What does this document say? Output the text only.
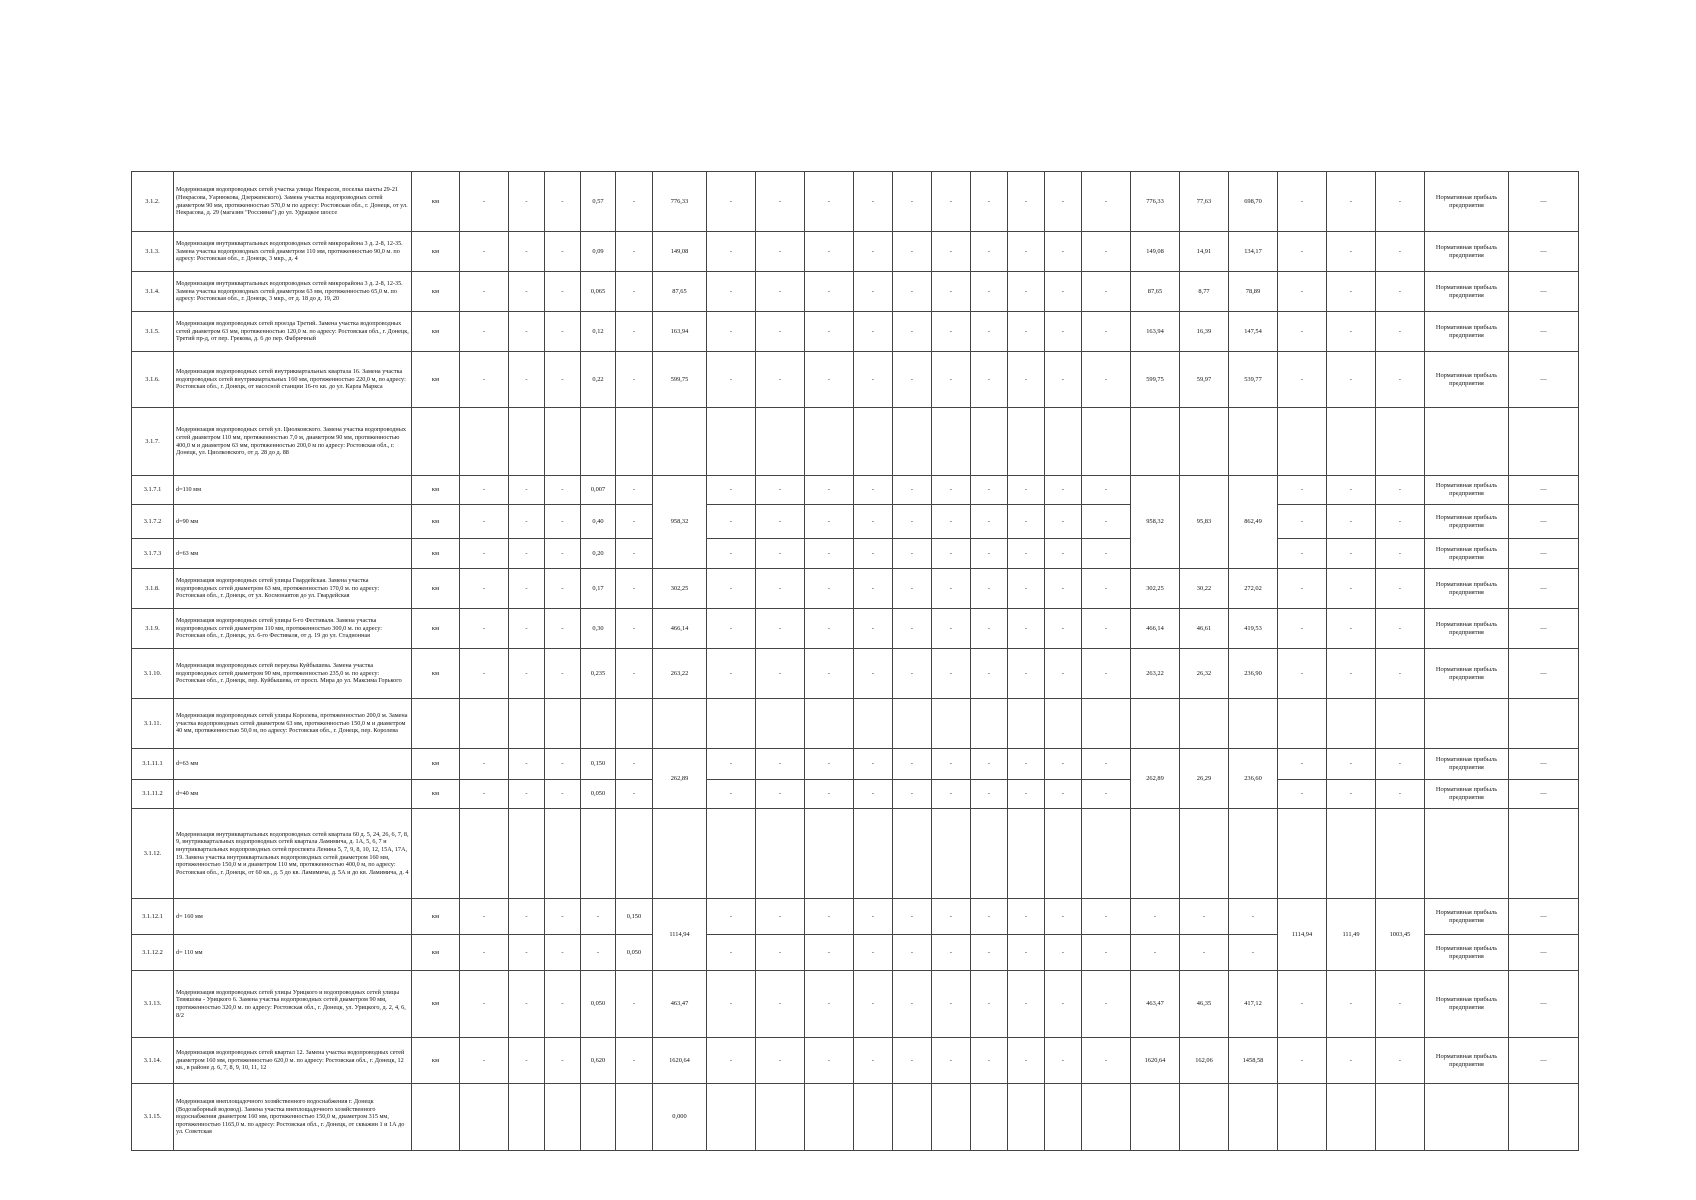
3.1.2.	Модернизация водопроводных сетей участка улицы Некрасов, поселка шахты 29-21 (Некрасова, Уарнюкова, Дзержинского). Замена участка водопроводных сетей диаметром 90 мм, протяженностью 570,0 м по адресу: Ростовская обл., г. Донецк, от ул. Некрасова, д. 29 (магазин "Россияна") до ул. Удрацкое шоссе	км	-	-	-	0,57	-	776,33	-	-	-	-	-	-	-	-	-	-	776,33	77,63	698,70	-	-	-	Нормативная прибыль предприятия	—
3.1.3.	Модернизация внутриквартальных водопроводных сетей микрорайона 3 д. 2-8, 12-35. Замена участка водопроводных сетей диаметром 110 мм, протяженностью 90,0 м. по адресу: Ростовская обл., г. Донецк, 3 мкр., д. 4	км	-	-	-	0,09	-	149,08	-	-	-	-	-	-	-	-	-	-	149,08	14,91	134,17	-	-	-	Нормативная прибыль предприятия	—
3.1.4.	Модернизация внутриквартальных водопроводных сетей микрорайона 3 д. 2-8, 12-35. Замена участка водопроводных сетей диаметром 63 мм, протяженностью 65,0 м. по адресу: Ростовская обл., г. Донецк, 3 мкр., от д. 18 до д. 19, 20	км	-	-	-	0,065	-	87,65	-	-	-	-	-	-	-	-	-	-	87,65	8,77	78,89	-	-	-	Нормативная прибыль предприятия	—
3.1.5.	Модернизация водопроводных сетей проезда Третий. Замена участка водопроводных сетей диаметром 63 мм, протяженностью 120,0 м. по адресу: Ростовская обл., г. Донецк, Третий пр-д, от пер. Грекова, д. 6 до пер. Фабричный	км	-	-	-	0,12	-	163,94	-	-	-	-	-	-	-	-	-	-	163,94	16,39	147,54	-	-	-	Нормативная прибыль предприятия	—
3.1.6.	Модернизация водопроводных сетей внутриквартальных квартала 16. Замена участка водопроводных сетей внутриквартальных 160 мм, протяженностью 220,0 м, по адресу: Ростовская обл., г. Донецк, от насосной станции 16-го кв. до ул. Карла Маркса	км	-	-	-	0,22	-	599,75	-	-	-	-	-	-	-	-	-	-	599,75	59,97	539,77	-	-	-	Нормативная прибыль предприятия	—
3.1.7.	Модернизация водопроводных сетей ул. Циолковского. Замена участка водопроводных сетей диаметром 110 мм, протяженностью 7,0 м, диаметром 90 мм, протяженностью 400,0 м и диаметром 63 мм, протяженностью 200,0 м по адресу: Ростовская обл., г. Донецк, ул. Циолковского, от д. 28 до д. 88																									
3.1.7.1	d=110 мм	км	-	-	-	0,007	-	958,32	-	-	-	-	-	-	-	-	-	-	958,32	95,83	862,49	-	-	-	Нормативная прибыль предприятия	—
3.1.7.2	d=90 мм	км	-	-	-	0,40	-		-	-	-	-	-	-	-	-	-	-				-	-	-	Нормативная прибыль предприятия	—
3.1.7.3	d=63 мм	км	-	-	-	0,20	-		-	-	-	-	-	-	-	-	-	-				-	-	-	Нормативная прибыль предприятия	—
3.1.8.	Модернизация водопроводных сетей улицы Гвардейская. Замена участка водопроводных сетей диаметром 63 мм, протяженностью 170,0 м. по адресу: Ростовская обл., г. Донецк, от ул. Космонавтов до ул. Гвардейская	км	-	-	-	0,17	-	302,25	-	-	-	-	-	-	-	-	-	-	302,25	30,22	272,02	-	-	-	Нормативная прибыль предприятия	—
3.1.9.	Модернизация водопроводных сетей улицы 6-го Фестиваля. Замена участка водопроводных сетей диаметром 110 мм, протяженностью 300,0 м. по адресу: Ростовская обл., г. Донецк, ул. 6-го Фестиваля, от д. 19 до ул. Стадионная	км	-	-	-	0,30	-	466,14	-	-	-	-	-	-	-	-	-	-	466,14	46,61	419,53	-	-	-	Нормативная прибыль предприятия	—
3.1.10.	Модернизация водопроводных сетей переулка Куйбышева. Замена участка водопроводных сетей диаметром 90 мм, протяженностью 235,0 м. по адресу: Ростовская обл., г. Донецк, пер. Куйбышева, от просп. Мира до ул. Максима Горького	км	-	-	-	0,235	-	263,22	-	-	-	-	-	-	-	-	-	-	263,22	26,32	236,90	-	-	-	Нормативная прибыль предприятия	—
3.1.11.	Модернизация водопроводных сетей улицы Королева, протяженностью 200,0 м. Замена участка водопроводных сетей диаметром 63 мм, протяженностью 150,0 м и диаметром 40 мм, протяженностью 50,0 м, по адресу: Ростовская обл., г. Донецк, пер. Королева																									
3.1.11.1	d=63 мм	км	-	-	-	0,150	-	262,89	-	-	-	-	-	-	-	-	-	-	262,89	26,29	236,60	-	-	-	Нормативная прибыль предприятия	—
3.1.11.2	d=40 мм	км	-	-	-	0,050	-		-	-	-	-	-	-	-	-	-	-				-	-	-	Нормативная прибыль предприятия	—
3.1.12.	Модернизация внутриквартальных водопроводных сетей квартала 60 д. 5, 24, 26, 6, 7, 8, 9, внутриквартальных водопроводных сетей квартала Ламимича, д. 1А, 5, 6, 7 и внутриквартальных водопроводных сетей проспекта Ленина 5, 7, 9, 8, 10, 12, 15А, 17А, 19. Замена участка внутриквартальных водопроводных сетей диаметром 160 мм, протяженностью 150,0 м и диаметром 110 мм, протяженностью 400,0 м, по адресу: Ростовская обл., г. Донецк, от 60 кв., д. 5 до кв. Ламимича, д. 5А и до кв. Ламимича, д. 4																									
3.1.12.1	d= 160 мм	км	-	-	-	-	0,150	1114,94	-	-	-	-	-	-	-	-	-	-	-	-	-	1114,94	111,49	1003,45	Нормативная прибыль предприятия	—
3.1.12.2	d= 110 мм	км	-	-	-	-	0,050		-	-	-	-	-	-	-	-	-	-	-	-	-				Нормативная прибыль предприятия	—
3.1.13.	Модернизация водопроводных сетей улицы Урицкого и водопроводных сетей улицы Тевяшова - Урицкого 6. Замена участка водопроводных сетей диаметром 90 мм, протяженностью 320,0 м. по адресу: Ростовская обл., г. Донецк, ул. Урицкого, д. 2, 4, 6, 8/2	км	-	-	-	0,050	-	463,47	-	-	-	-	-	-	-	-	-	-	463,47	46,35	417,12	-	-	-	Нормативная прибыль предприятия	—
3.1.14.	Модернизация водопроводных сетей квартал 12. Замена участка водопроводных сетей диаметром 160 мм, протяженностью 620,0 м. по адресу: Ростовская обл., г. Донецк, 12 кв., в районе д. 6, 7, 8, 9, 10, 11, 12	км	-	-	-	0,620	-	1620,64	-	-	-	-	-	-	-	-	-	-	1620,64	162,06	1458,58	-	-	-	Нормативная прибыль предприятия	—
3.1.15.	Модернизация внеплощадочного хозяйственного водоснабжения г. Донецк (Водозаборный водовод). Замена участка внеплощадочного хозяйственного водоснабжения диаметром 160 мм, протяженностью 150,0 м, диаметром 315 мм, протяженностью 1165,0 м. по адресу: Ростовская обл., г. Донецк, от скважин 1 и 1А до ул. Советская							0,000																		
